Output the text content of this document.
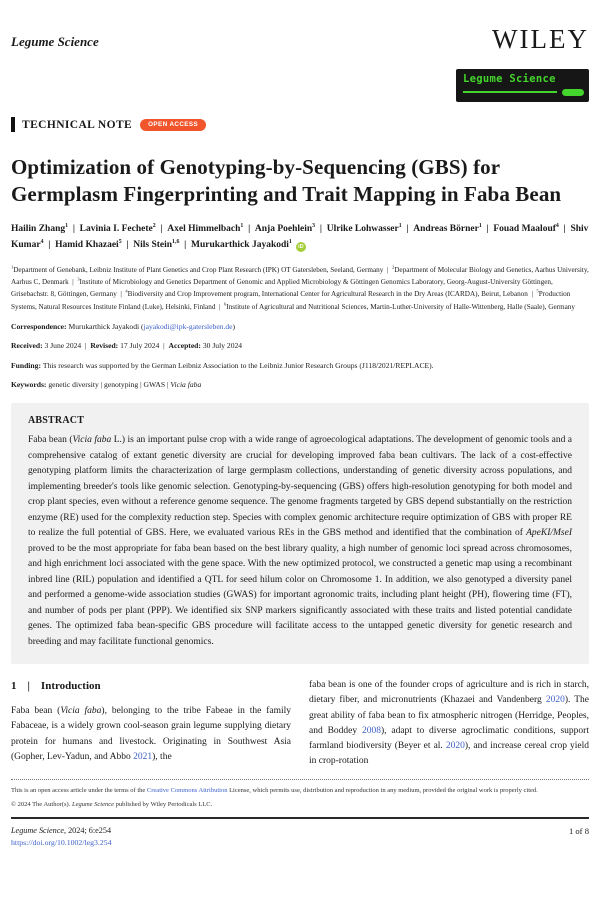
Legume Science	WILEY
Legume Science
TECHNICAL NOTE	OPEN ACCESS
Optimization of Genotyping-by-Sequencing (GBS) for Germplasm Fingerprinting and Trait Mapping in Faba Bean
Hailin Zhang$^1$ | Lavinia I. Fechete$^2$ | Axel Himmelbach$^1$ | Anja Poehlein$^3$ | Ulrike Lohwasser$^1$ | Andreas Börner$^1$ | Fouad Maalouf$^4$ | Shiv Kumar$^4$ | Hamid Khazaei$^5$ | Nils Stein$^{1,6}$ | Murukarthick Jayakodi$^1$iD
$^1$Department of Genebank, Leibniz Institute of Plant Genetics and Crop Plant Research (IPK) OT Gatersleben, Seeland, Germany | $^2$Department of Molecular Biology and Genetics, Aarhus University, Aarhus C, Denmark | $^3$Institute of Microbiology and Genetics Department of Genomic and Applied Microbiology & Göttingen Genomics Laboratory, Georg-August-University Göttingen, Grisebachstr. 8, Göttingen, Germany | $^4$Biodiversity and Crop Improvement program, International Center for Agricultural Research in the Dry Areas (ICARDA), Beirut, Lebanon | $^5$Production Systems, Natural Resources Institute Finland (Luke), Helsinki, Finland | $^6$Institute of Agricultural and Nutritional Sciences, Martin-Luther-University of Halle-Wittenberg, Halle (Saale), Germany
Correspondence: Murukarthick Jayakodi (jayakodi@ipk-gatersleben.de)
Received: 3 June 2024 | Revised: 17 July 2024 | Accepted: 30 July 2024
Funding: This research was supported by the German Leibniz Association to the Leibniz Junior Research Groups (J118/2021/REPLACE).
Keywords: genetic diversity | genotyping | GWAS | Vicia faba
ABSTRACT
Faba bean (Vicia faba L.) is an important pulse crop with a wide range of agroecological adaptations. The development of genomic tools and a comprehensive catalog of extant genetic diversity are crucial for developing improved faba bean cultivars. The lack of a cost-effective genotyping platform limits the characterization of large germplasm collections, understanding of genetic diversity across populations, and implementing breeder's tools like genomic selection. Genotyping-by-sequencing (GBS) offers high-resolution genotyping for both model and crop plant species, even without a reference genome sequence. The genome fragments targeted by GBS depend substantially on the restriction enzyme (RE) used for the complexity reduction step. Species with complex genomic architecture require optimization of GBS with proper RE to realize the full potential of GBS. Here, we evaluated various REs in the GBS method and identified that the combination of ApeKI/MseI proved to be the most appropriate for faba bean based on the best library quality, a high number of genomic loci spread across chromosomes, and high enrichment loci associated with the gene space. With the new optimized protocol, we constructed a genetic map using a recombinant inbred line (RIL) population and identified a QTL for seed hilum color on Chromosome 1. In addition, we also genotyped a diversity panel and performed a genome-wide association studies (GWAS) for important agronomic traits, including plant height (PH), flowering time (FT), and number of pods per plant (PPP). We identified six SNP markers significantly associated with these traits and listed potential candidate genes. The optimized faba bean-specific GBS procedure will facilitate access to the untapped genetic diversity for genetic research and breeding and may facilitate functional genomics.
1  |  Introduction
Faba bean (Vicia faba), belonging to the tribe Fabeae in the family Fabaceae, is a widely grown cool-season grain legume supplying dietary protein for humans and livestock. Originating in Southwest Asia (Gopher, Lev-Yadun, and Abbo 2021), the
faba bean is one of the founder crops of agriculture and is rich in starch, dietary fiber, and micronutrients (Khazaei and Vandenberg 2020). The great ability of faba bean to fix atmospheric nitrogen (Herridge, Peoples, and Boddey 2008), adapt to diverse agroclimatic conditions, support farmland biodiversity (Beyer et al. 2020), and increase cereal crop yield in crop-rotation
This is an open access article under the terms of the Creative Commons Attribution License, which permits use, distribution and reproduction in any medium, provided the original work is properly cited.
© 2024 The Author(s). Legume Science published by Wiley Periodicals LLC.
Legume Science, 2024; 6:e254
https://doi.org/10.1002/leg3.254
1 of 8
